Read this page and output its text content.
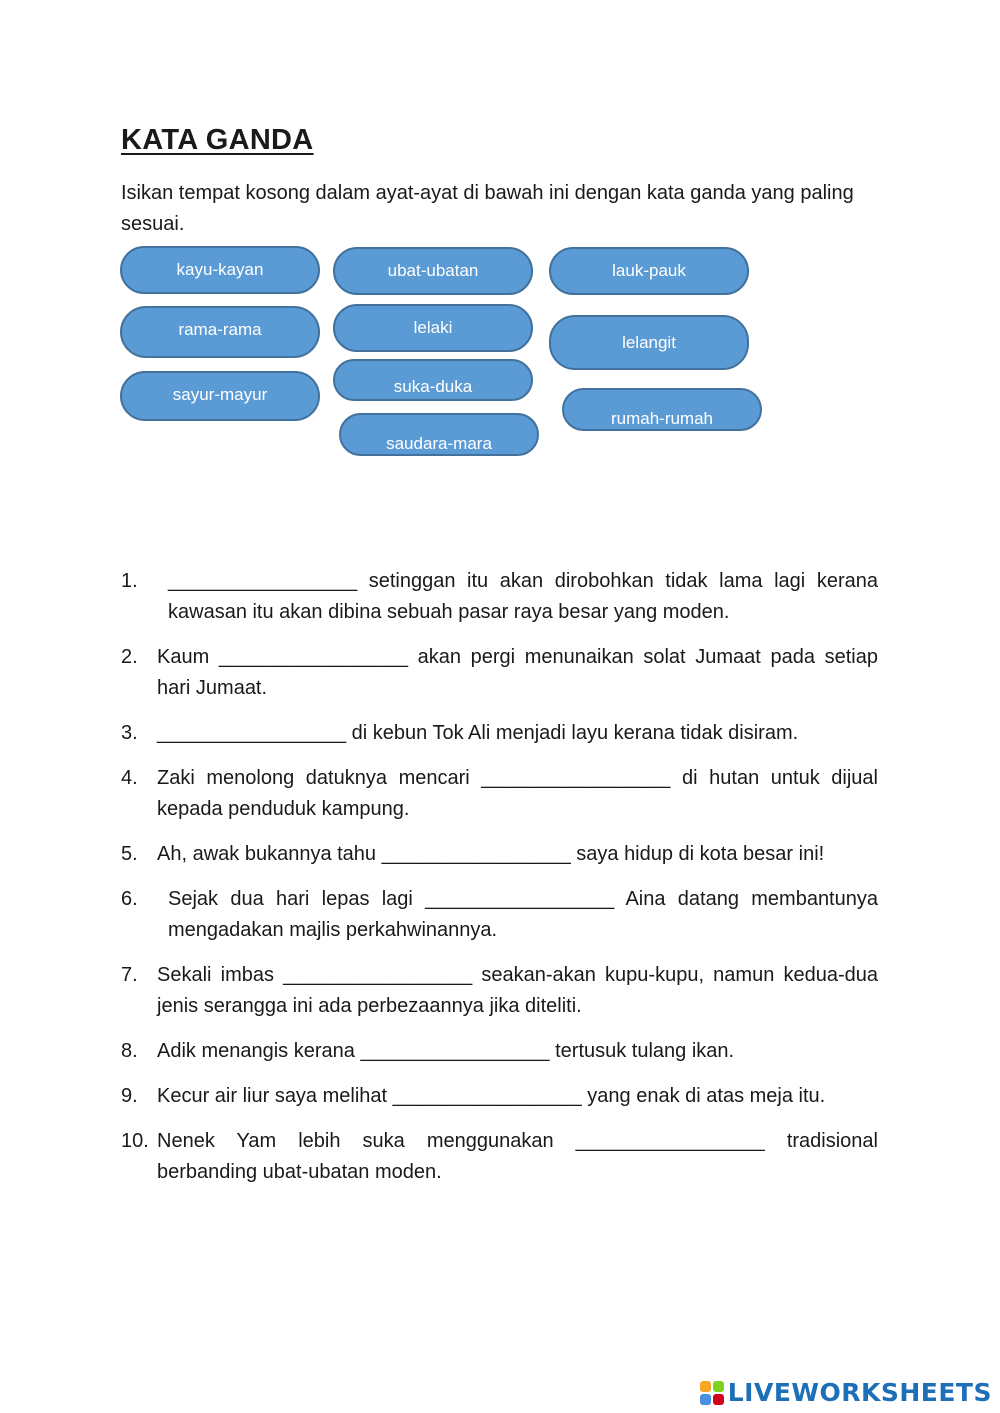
KATA GANDA
Isikan tempat kosong dalam ayat-ayat di bawah ini dengan kata ganda yang paling sesuai.
kayu-kayan	ubat-ubatan	lauk-pauk
rama-rama	lelaki
lelangit
sayur-mayur	suka-duka
rumah-rumah
saudara-mara
1.	_________________ setinggan itu akan dirobohkan tidak lama lagi kerana kawasan itu akan dibina sebuah pasar raya besar yang moden.
2. Kaum _________________ akan pergi menunaikan solat Jumaat pada setiap hari Jumaat.
3. _________________ di kebun Tok Ali menjadi layu kerana tidak disiram.
4. Zaki menolong datuknya mencari _________________ di hutan untuk dijual kepada penduduk kampung.
5. Ah, awak bukannya tahu _________________ saya hidup di kota besar ini!
6.	Sejak dua hari lepas lagi _________________ Aina datang membantunya mengadakan majlis perkahwinannya.
7. Sekali imbas _________________ seakan-akan kupu-kupu, namun kedua-dua jenis serangga ini ada perbezaannya jika diteliti.
8. Adik menangis kerana _________________ tertusuk tulang ikan.
9. Kecur air liur saya melihat _________________ yang enak di atas meja itu.
10. Nenek Yam lebih suka menggunakan _________________ tradisional berbanding ubat-ubatan moden.
LIVEWORKSHEETS
